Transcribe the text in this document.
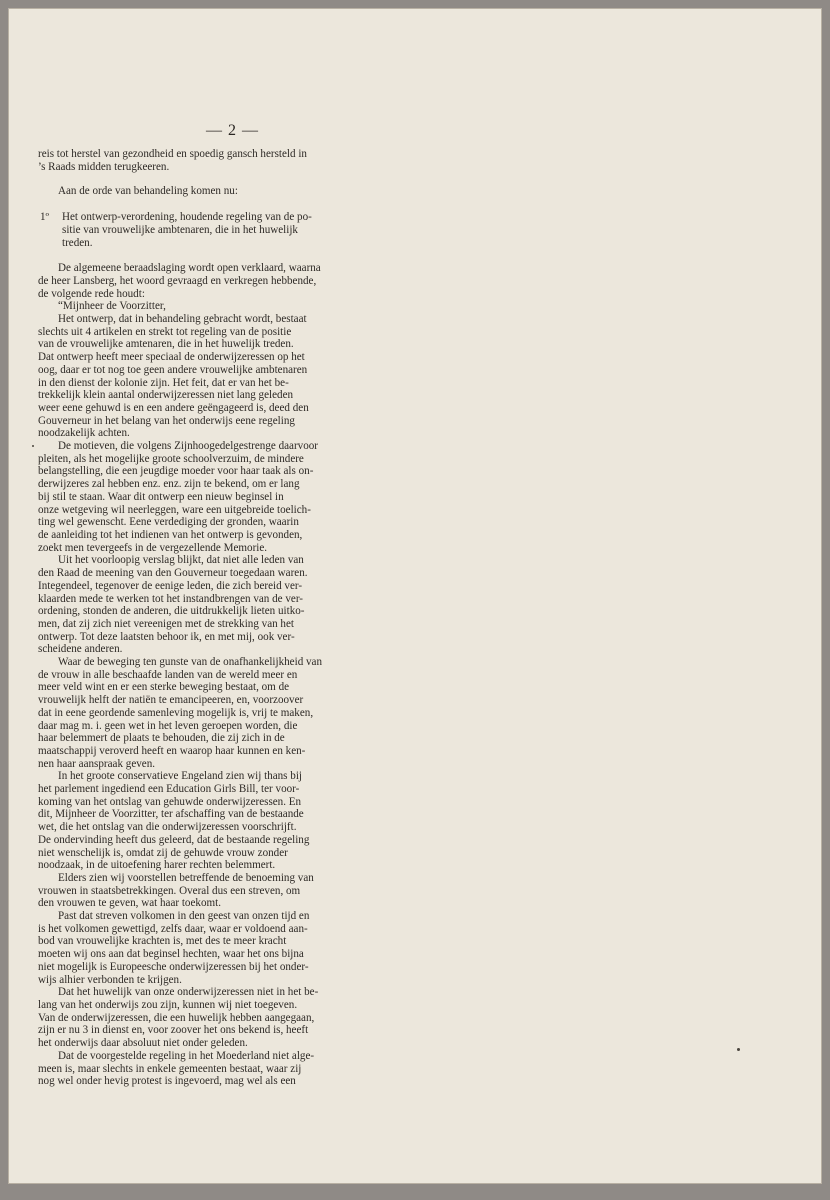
— 2 —

reis tot herstel van gezondheid en spoedig gansch hersteld in

’s Raads midden terugkeeren.

Aan de orde van behandeling komen nu:

1º	Het ontwerp-verordening, houdende regeling van de po-

sitie van vrouwelijke ambtenaren, die in het huwelijk

treden.

De algemeene beraadslaging wordt open verklaard, waarna

de heer Lansberg, het woord gevraagd en verkregen hebbende,

de volgende rede houdt:

“Mijnheer de Voorzitter,

Het ontwerp, dat in behandeling gebracht wordt, bestaat

slechts uit 4 artikelen en strekt tot regeling van de positie

van de vrouwelijke amtenaren, die in het huwelijk treden.

Dat ontwerp heeft meer speciaal de onderwijzeressen op het

oog, daar er tot nog toe geen andere vrouwelijke ambtenaren

in den dienst der kolonie zijn. Het feit, dat er van het be-

trekkelijk klein aantal onderwijzeressen niet lang geleden

weer eene gehuwd is en een andere geëngageerd is, deed den

Gouverneur in het belang van het onderwijs eene regeling

noodzakelijk achten.

De motieven, die volgens Zijnhoogedelgestrenge daarvoor

pleiten, als het mogelijke groote schoolverzuim, de mindere

belangstelling, die een jeugdige moeder voor haar taak als on-

derwijzeres zal hebben enz. enz. zijn te bekend, om er lang

bij stil te staan. Waar dit ontwerp een nieuw beginsel in

onze wetgeving wil neerleggen, ware een uitgebreide toelich-

ting wel gewenscht. Eene verdediging der gronden, waarin

de aanleiding tot het indienen van het ontwerp is gevonden,

zoekt men tevergeefs in de vergezellende Memorie.

Uit het voorloopig verslag blijkt, dat niet alle leden van

den Raad de meening van den Gouverneur toegedaan waren.

Integendeel, tegenover de eenige leden, die zich bereid ver-

klaarden mede te werken tot het instandbrengen van de ver-

ordening, stonden de anderen, die uitdrukkelijk lieten uitko-

men, dat zij zich niet vereenigen met de strekking van het

ontwerp. Tot deze laatsten behoor ik, en met mij, ook ver-

scheidene anderen.

Waar de beweging ten gunste van de onafhankelijkheid van

de vrouw in alle beschaafde landen van de wereld meer en

meer veld wint en er een sterke beweging bestaat, om de

vrouwelijk helft der natiën te emancipeeren, en, voorzoover

dat in eene geordende samenleving mogelijk is, vrij te maken,

daar mag m. i. geen wet in het leven geroepen worden, die

haar belemmert de plaats te behouden, die zij zich in de

maatschappij veroverd heeft en waarop haar kunnen en ken-

nen haar aanspraak geven.

In het groote conservatieve Engeland zien wij thans bij

het parlement ingediend een Education Girls Bill, ter voor-

koming van het ontslag van gehuwde onderwijzeressen. En

dit, Mijnheer de Voorzitter, ter afschaffing van de bestaande

wet, die het ontslag van die onderwijzeressen voorschrijft.

De ondervinding heeft dus geleerd, dat de bestaande regeling

niet wenschelijk is, omdat zij de gehuwde vrouw zonder

noodzaak, in de uitoefening harer rechten belemmert.

Elders zien wij voorstellen betreffende de benoeming van

vrouwen in staatsbetrekkingen. Overal dus een streven, om

den vrouwen te geven, wat haar toekomt.

Past dat streven volkomen in den geest van onzen tijd en

is het volkomen gewettigd, zelfs daar, waar er voldoend aan-

bod van vrouwelijke krachten is, met des te meer kracht

moeten wij ons aan dat beginsel hechten, waar het ons bijna

niet mogelijk is Europeesche onderwijzeressen bij het onder-

wijs alhier verbonden te krijgen.

Dat het huwelijk van onze onderwijzeressen niet in het be-

lang van het onderwijs zou zijn, kunnen wij niet toegeven.

Van de onderwijzeressen, die een huwelijk hebben aangegaan,

zijn er nu 3 in dienst en, voor zoover het ons bekend is, heeft

het onderwijs daar absoluut niet onder geleden.

Dat de voorgestelde regeling in het Moederland niet alge-

meen is, maar slechts in enkele gemeenten bestaat, waar zij

nog wel onder hevig protest is ingevoerd, mag wel als een
